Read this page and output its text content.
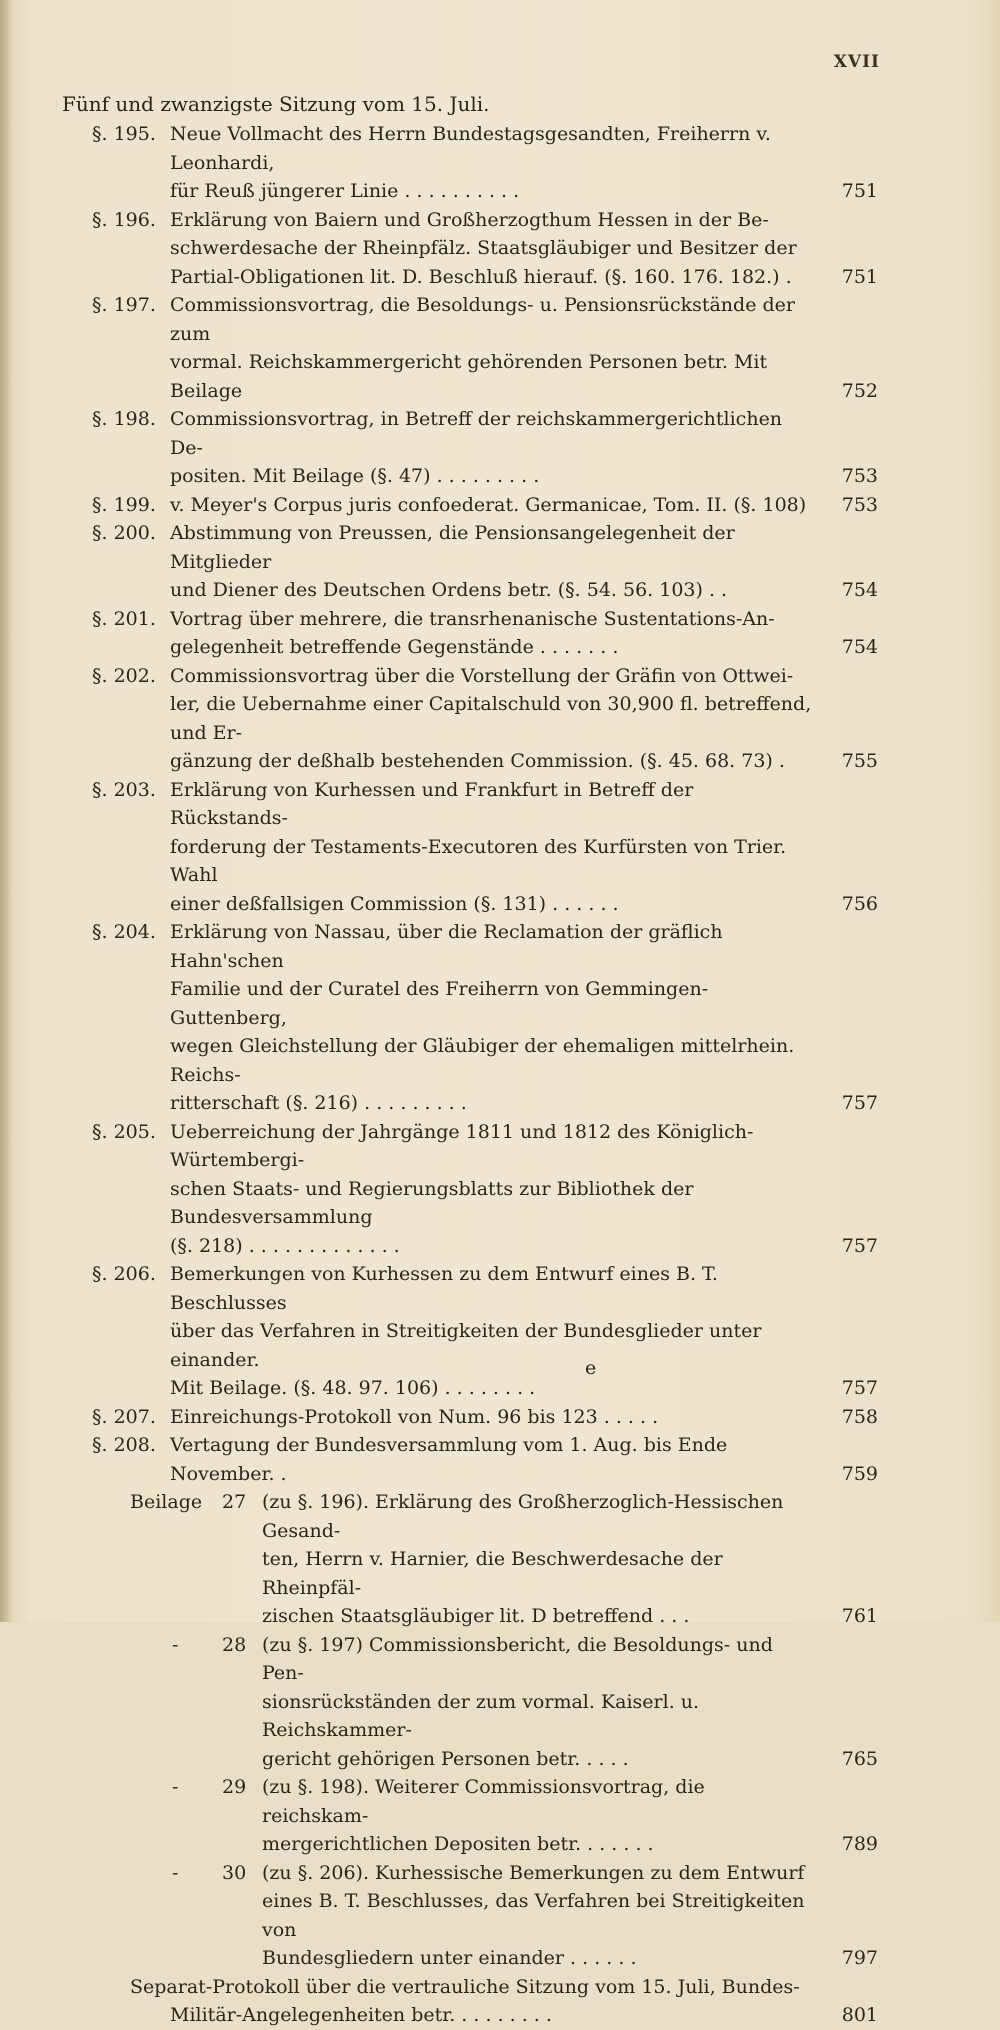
XVII
Fünf und zwanzigste Sitzung vom 15. Juli.
§. 195. Neue Vollmacht des Herrn Bundestagsgesandten, Freiherrn v. Leonhardi,
für Reuß jüngerer Linie . . . . . . . . . .	751
§. 196. Erklärung von Baiern und Großherzogthum Hessen in der Be-
schwerdesache der Rheinpfälz. Staatsgläubiger und Besitzer der
Partial-Obligationen lit. D. Beschluß hierauf. (§. 160. 176. 182.) .	751
§. 197. Commissionsvortrag, die Besoldungs- u. Pensionsrückstände der zum
vormal. Reichskammergericht gehörenden Personen betr. Mit Beilage	752
§. 198. Commissionsvortrag, in Betreff der reichskammergerichtlichen De-
positen. Mit Beilage (§. 47) . . . . . . . . .	753
§. 199. v. Meyer's Corpus juris confoederat. Germanicae, Tom. II. (§. 108)	753
§. 200. Abstimmung von Preussen, die Pensionsangelegenheit der Mitglieder
und Diener des Deutschen Ordens betr. (§. 54. 56. 103) . .	754
§. 201. Vortrag über mehrere, die transrhenanische Sustentations-An-
gelegenheit betreffende Gegenstände . . . . . . .	754
§. 202. Commissionsvortrag über die Vorstellung der Gräfin von Ottwei-
ler, die Uebernahme einer Capitalschuld von 30,900 fl. betreffend, und Er-
gänzung der deßhalb bestehenden Commission. (§. 45. 68. 73) .	755
§. 203. Erklärung von Kurhessen und Frankfurt in Betreff der Rückstands-
forderung der Testaments-Executoren des Kurfürsten von Trier. Wahl
einer deßfallsigen Commission (§. 131) . . . . . .	756
§. 204. Erklärung von Nassau, über die Reclamation der gräflich Hahn'schen
Familie und der Curatel des Freiherrn von Gemmingen-Guttenberg,
wegen Gleichstellung der Gläubiger der ehemaligen mittelrhein. Reichs-
ritterschaft (§. 216) . . . . . . . . .	757
§. 205. Ueberreichung der Jahrgänge 1811 und 1812 des Königlich-Würtembergi-
schen Staats- und Regierungsblatts zur Bibliothek der Bundesversammlung
(§. 218) . . . . . . . . . . . . .	757
§. 206. Bemerkungen von Kurhessen zu dem Entwurf eines B. T. Beschlusses
über das Verfahren in Streitigkeiten der Bundesglieder unter einander.
Mit Beilage. (§. 48. 97. 106) . . . . . . . .	757
§. 207. Einreichungs-Protokoll von Num. 96 bis 123 . . . . .	758
§. 208. Vertagung der Bundesversammlung vom 1. Aug. bis Ende November. .	759
Beilage 27 (zu §. 196). Erklärung des Großherzoglich-Hessischen Gesand-
ten, Herrn v. Harnier, die Beschwerdesache der Rheinpfäl-
zischen Staatsgläubiger lit. D betreffend . . .	761
- 28 (zu §. 197) Commissionsbericht, die Besoldungs- und Pen-
sionsrückständen der zum vormal. Kaiserl. u. Reichskammer-
gericht gehörigen Personen betr. . . . .	765
- 29 (zu §. 198). Weiterer Commissionsvortrag, die reichskam-
mergerichtlichen Depositen betr. . . . . . .	789
- 30 (zu §. 206). Kurhessische Bemerkungen zu dem Entwurf
eines B. T. Beschlusses, das Verfahren bei Streitigkeiten von
Bundesgliedern unter einander . . . . . .	797
Separat-Protokoll über die vertrauliche Sitzung vom 15. Juli, Bundes-
Militär-Angelegenheiten betr. . . . . . . . .	801
e
